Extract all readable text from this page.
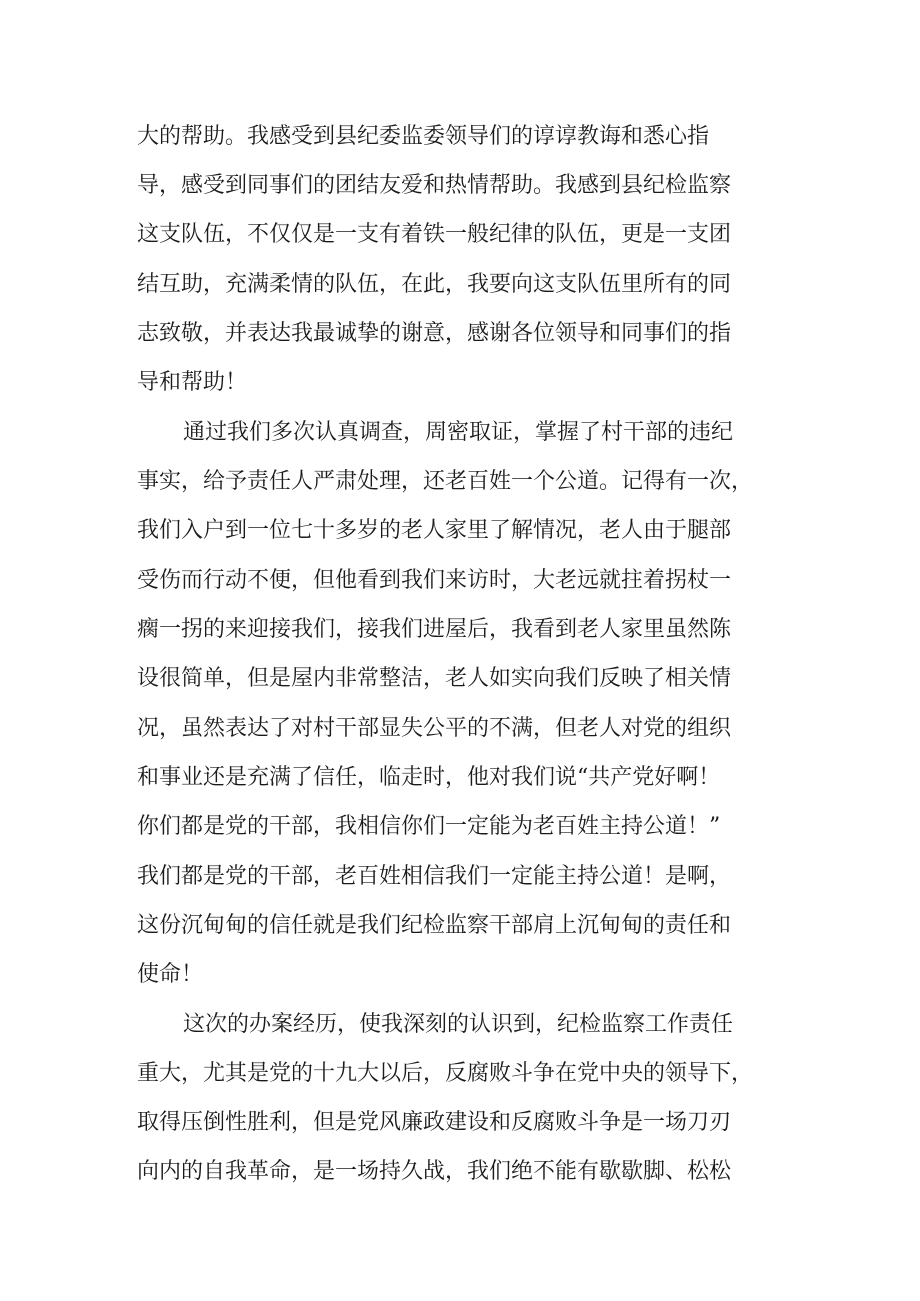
大的帮助。我感受到县纪委监委领导们的谆谆教诲和悉心指
导，感受到同事们的团结友爱和热情帮助。我感到县纪检监察
这支队伍，不仅仅是一支有着铁一般纪律的队伍，更是一支团
结互助，充满柔情的队伍，在此，我要向这支队伍里所有的同
志致敬，并表达我最诚挚的谢意，感谢各位领导和同事们的指
导和帮助！
通过我们多次认真调查，周密取证，掌握了村干部的违纪
事实，给予责任人严肃处理，还老百姓一个公道。记得有一次，
我们入户到一位七十多岁的老人家里了解情况，老人由于腿部
受伤而行动不便，但他看到我们来访时，大老远就拄着拐杖一
瘸一拐的来迎接我们，接我们进屋后，我看到老人家里虽然陈
设很简单，但是屋内非常整洁，老人如实向我们反映了相关情
况，虽然表达了对村干部显失公平的不满，但老人对党的组织
和事业还是充满了信任，临走时，他对我们说“共产党好啊！
你们都是党的干部，我相信你们一定能为老百姓主持公道！”
我们都是党的干部，老百姓相信我们一定能主持公道！是啊，
这份沉甸甸的信任就是我们纪检监察干部肩上沉甸甸的责任和
使命！
这次的办案经历，使我深刻的认识到，纪检监察工作责任
重大，尤其是党的十九大以后，反腐败斗争在党中央的领导下，
取得压倒性胜利，但是党风廉政建设和反腐败斗争是一场刀刃
向内的自我革命，是一场持久战，我们绝不能有歇歇脚、松松
